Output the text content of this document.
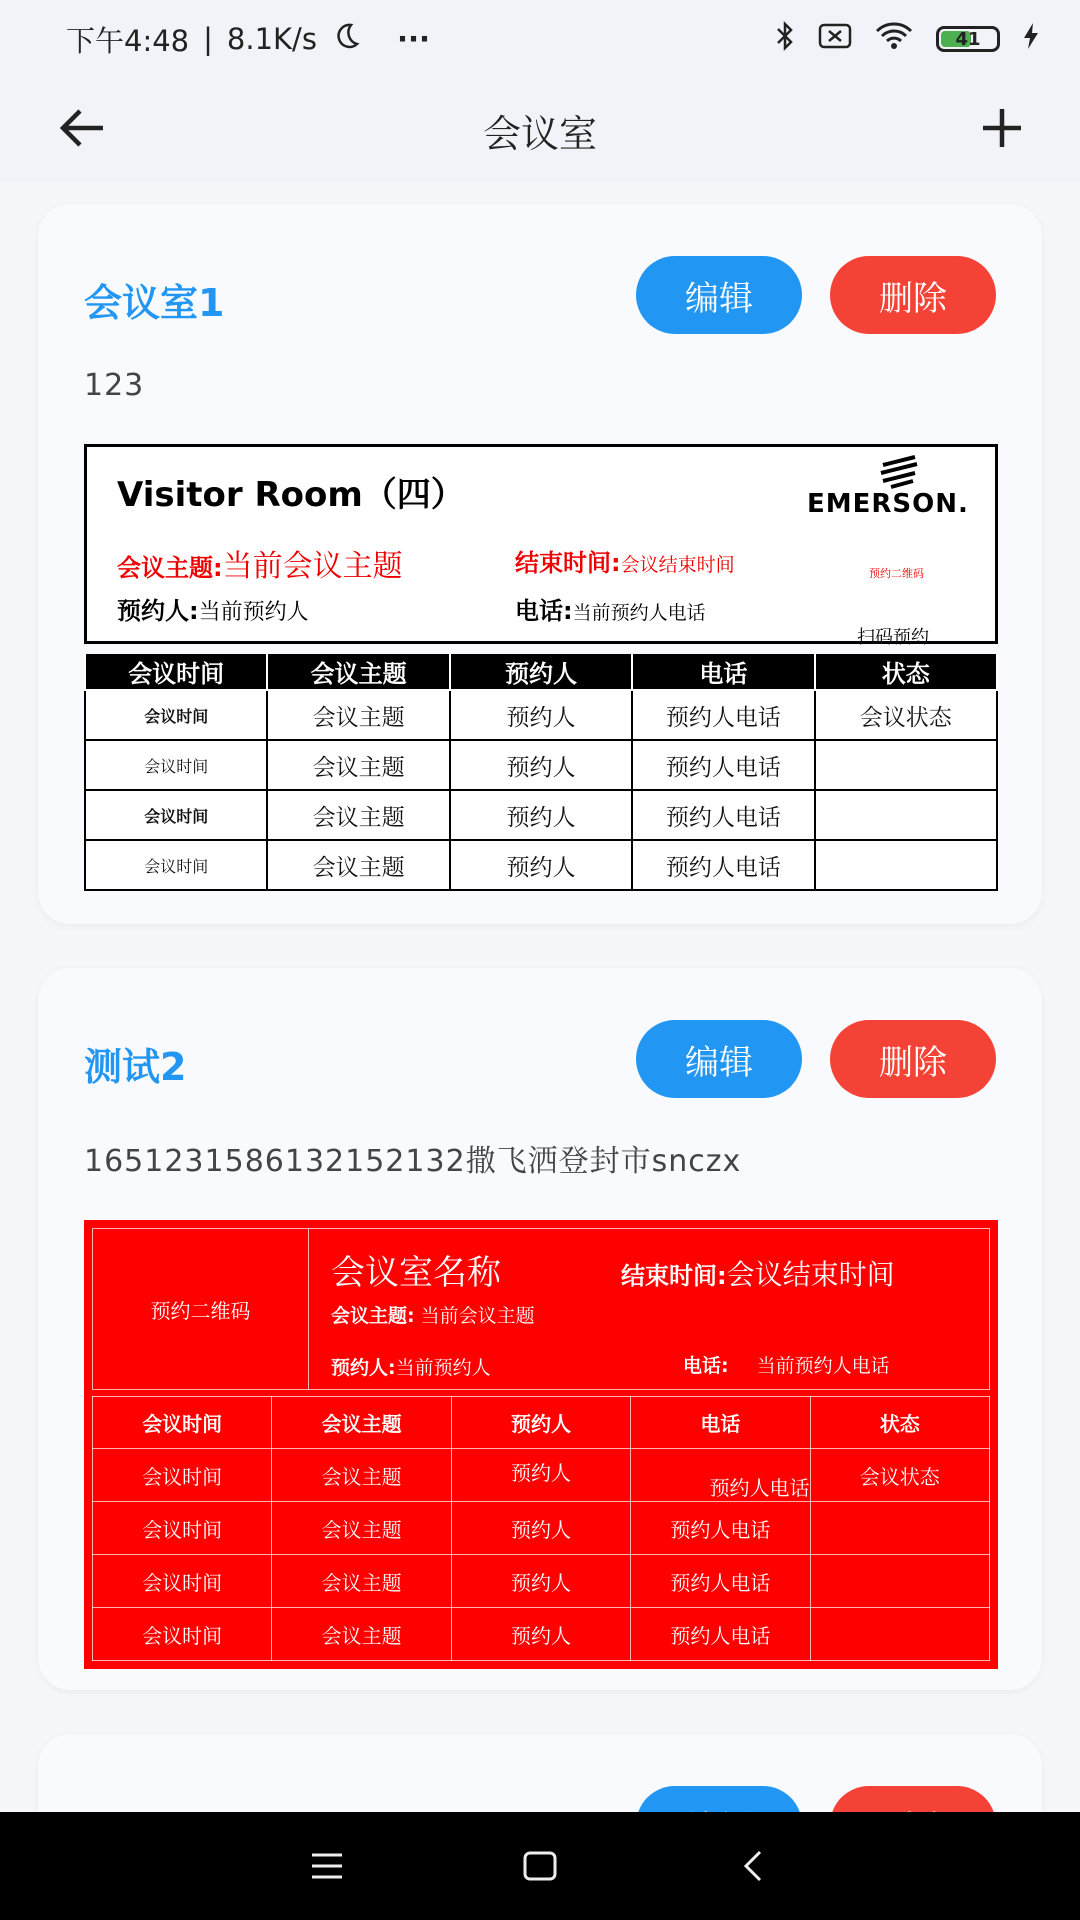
下午4:48 | 8.1K/s	···	41
会议室
会议室1	编辑	删除
123
Visitor Room（四）	EMERSON.
预约二维码
扫码预约
会议主题:当前会议主题	结束时间:会议结束时间
预约人:当前预约人	电话:当前预约人电话
会议时间	会议主题	预约人	电话	状态
会议时间	会议主题	预约人	预约人电话	会议状态
会议时间	会议主题	预约人	预约人电话	
会议时间	会议主题	预约人	预约人电话	
会议时间	会议主题	预约人	预约人电话	
测试2	编辑	删除
1651231586132152132撒飞洒登封市snczx
预约二维码
会议室名称	结束时间:会议结束时间
会议主题: 当前会议主题
预约人:当前预约人	电话: 当前预约人电话
会议时间	会议主题	预约人	电话	状态
会议时间	会议主题	预约人	预约人电话	会议状态
会议时间	会议主题	预约人	预约人电话	
会议时间	会议主题	预约人	预约人电话	
会议时间	会议主题	预约人	预约人电话	
